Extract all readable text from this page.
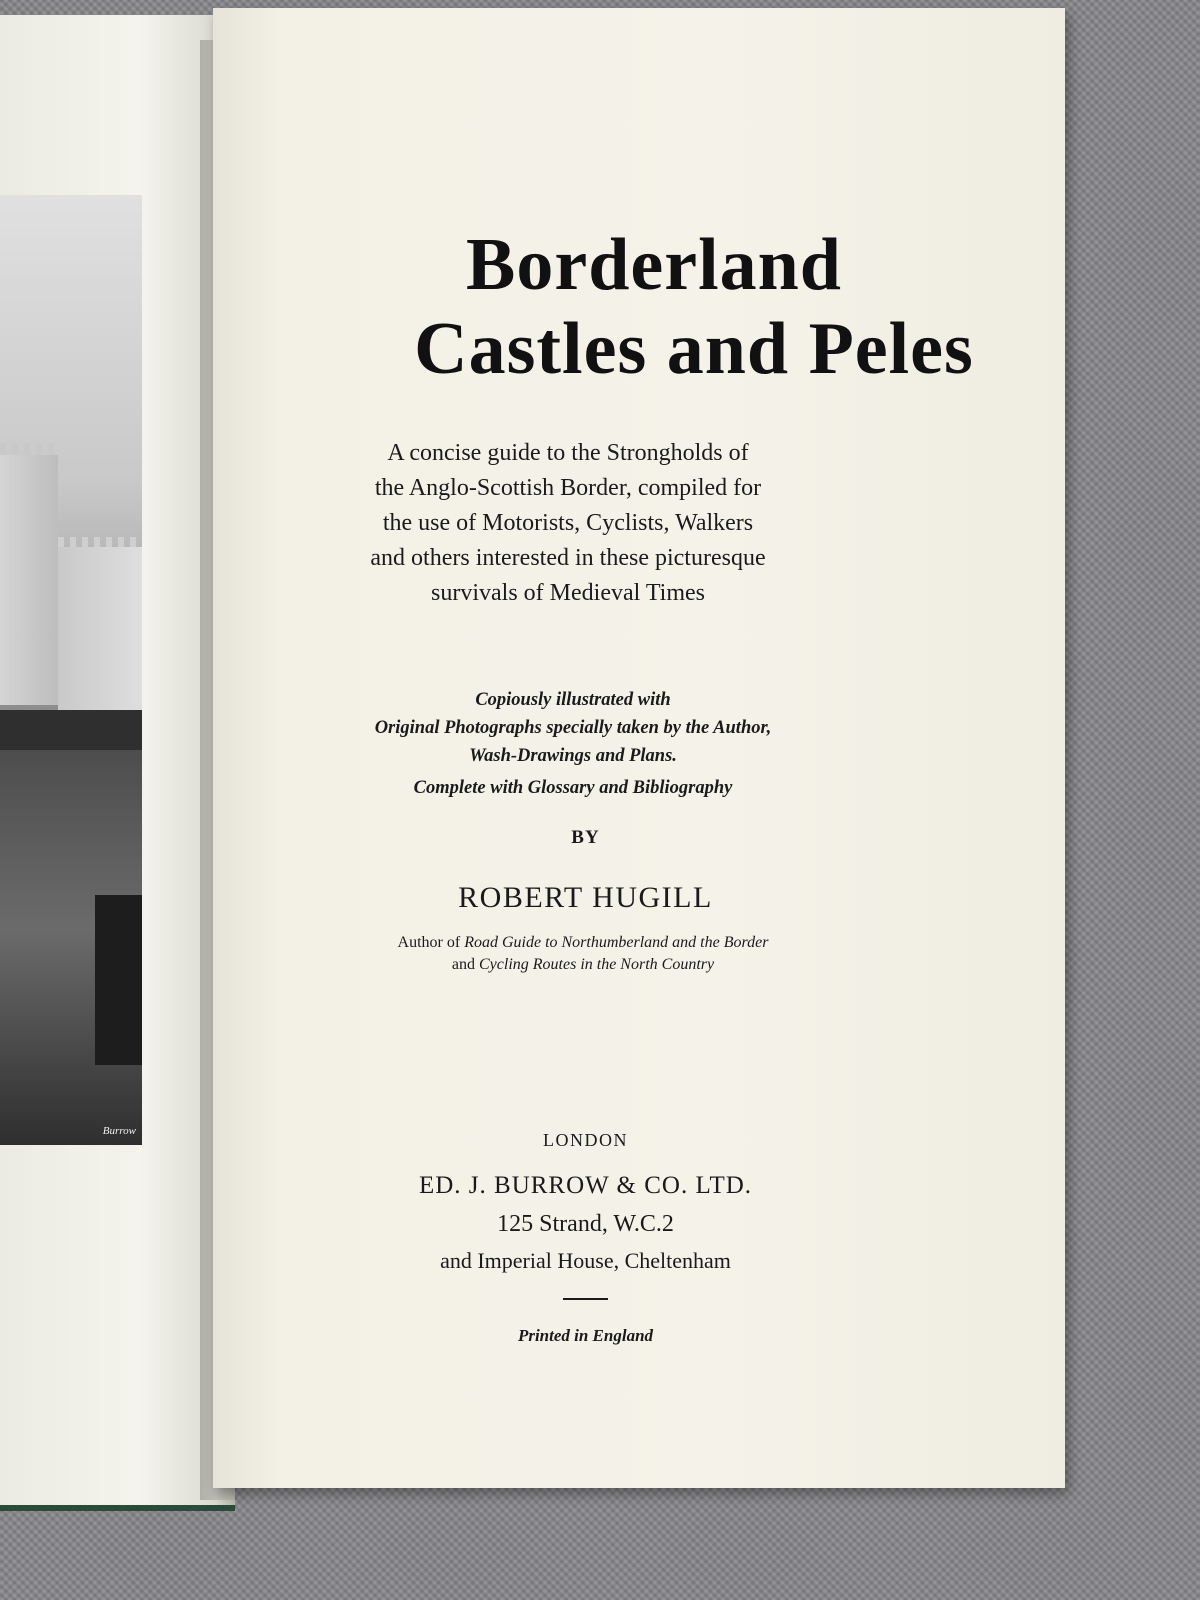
Burrow
Borderland
Castles and Peles
A concise guide to the Strongholds of
the Anglo-Scottish Border, compiled for
the use of Motorists, Cyclists, Walkers
and others interested in these picturesque
survivals of Medieval Times
Copiously illustrated with
Original Photographs specially taken by the Author,
Wash-Drawings and Plans.
Complete with Glossary and Bibliography
BY
ROBERT HUGILL
Author of Road Guide to Northumberland and the Border
and Cycling Routes in the North Country
LONDON
ED. J. BURROW & CO. LTD.
125 Strand, W.C.2
and Imperial House, Cheltenham
Printed in England
